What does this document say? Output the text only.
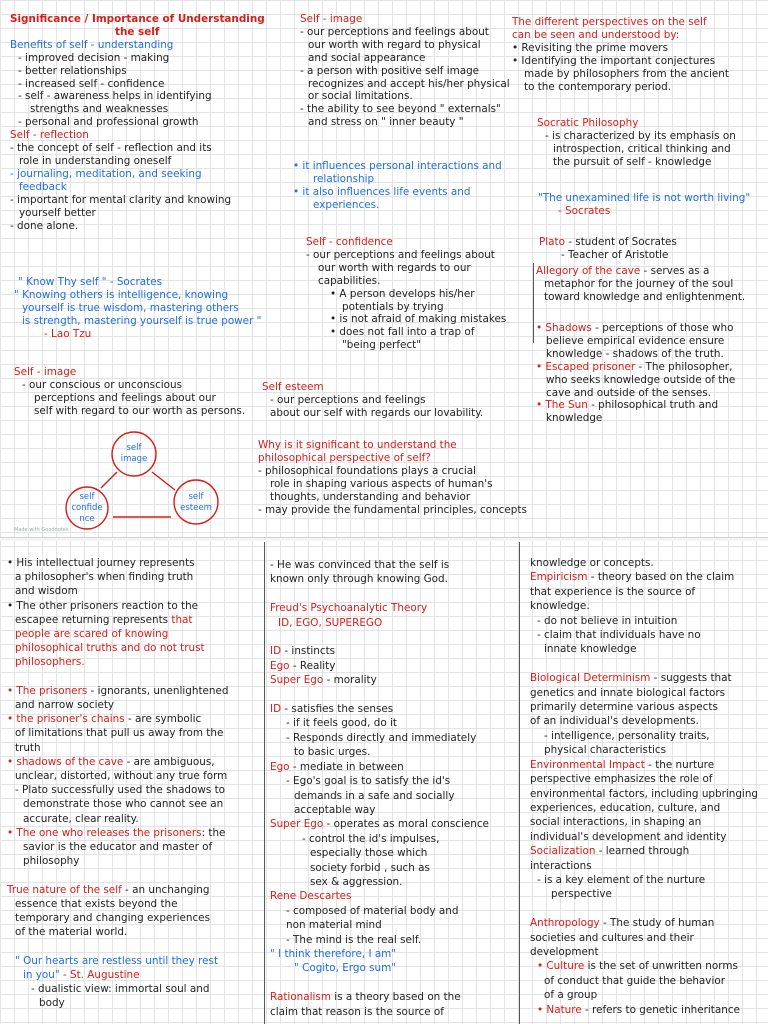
Significance / Importance of Understanding
the self
Benefits of self - understanding
- improved decision - making
- better relationships
- increased self - confidence
- self - awareness helps in identifying
strengths and weaknesses
- personal and professional growth
Self - reflection
- the concept of self - reflection and its
role in understanding oneself
- journaling, meditation, and seeking
feedback
- important for mental clarity and knowing
yourself better
- done alone.
" Know Thy self " - Socrates
" Knowing others is intelligence, knowing
yourself is true wisdom, mastering others
is strength, mastering yourself is true power "
- Lao Tzu
Self - image
- our conscious or unconscious
perceptions and feelings about our
self with regard to our worth as persons.
self
image
self
confide
nce
self
esteem
Made with Goodnotes
Self - image
- our perceptions and feelings about
our worth with regard to physical
and social appearance
- a person with positive self image
recognizes and accept his/her physical
or social limitations.
- the ability to see beyond " externals"
and stress on " inner beauty "
• it influences personal interactions and
relationship
• it also influences life events and
experiences.
Self - confidence
- our perceptions and feelings about
our worth with regards to our
capabilities.
• A person develops his/her
potentials by trying
• is not afraid of making mistakes
• does not fall into a trap of
"being perfect"
Self esteem
- our perceptions and feelings
about our self with regards our lovability.
Why is it significant to understand the
philosophical perspective of self?
- philosophical foundations plays a crucial
role in shaping various aspects of human's
thoughts, understanding and behavior
- may provide the fundamental principles, concepts
The different perspectives on the self
can be seen and understood by:
• Revisiting the prime movers
• Identifying the important conjectures
made by philosophers from the ancient
to the contemporary period.
Socratic Philosophy
- is characterized by its emphasis on
introspection, critical thinking and
the pursuit of self - knowledge
"The unexamined life is not worth living"
- Socrates
Plato - student of Socrates
- Teacher of Aristotle
Allegory of the cave - serves as a
metaphor for the journey of the soul
toward knowledge and enlightenment.
• Shadows - perceptions of those who
believe empirical evidence ensure
knowledge - shadows of the truth.
• Escaped prisoner - The philosopher,
who seeks knowledge outside of the
cave and outside of the senses.
• The Sun - philosophical truth and
knowledge
• His intellectual journey represents
a philosopher's when finding truth
and wisdom
• The other prisoners reaction to the
escapee returning represents that
people are scared of knowing
philosophical truths and do not trust
philosophers.

• The prisoners - ignorants, unenlightened
and narrow society
• the prisoner's chains - are symbolic
of limitations that pull us away from the
truth
• shadows of the cave - are ambiguous,
unclear, distorted, without any true form
- Plato successfully used the shadows to
demonstrate those who cannot see an
accurate, clear reality.
• The one who releases the prisoners: the
savior is the educator and master of
philosophy

True nature of the self - an unchanging
essence that exists beyond the
temporary and changing experiences
of the material world.

" Our hearts are restless until they rest
in you" - St. Augustine
- dualistic view: immortal soul and
body
- He was convinced that the self is
known only through knowing God.

Freud's Psychoanalytic Theory
ID, EGO, SUPEREGO

ID - instincts
Ego - Reality
Super Ego - morality

ID - satisfies the senses
- if it feels good, do it
- Responds directly and immediately
to basic urges.
Ego - mediate in between
- Ego's goal is to satisfy the id's
demands in a safe and socially
acceptable way
Super Ego - operates as moral conscience
- control the id's impulses,
especially those which
society forbid , such as
sex & aggression.
Rene Descartes
- composed of material body and
non material mind
- The mind is the real self.
" I think therefore, I am"
" Cogito, Ergo sum"

Rationalism is a theory based on the
claim that reason is the source of
knowledge or concepts.
Empiricism - theory based on the claim
that experience is the source of
knowledge.
- do not believe in intuition
- claim that individuals have no
innate knowledge

Biological Determinism - suggests that
genetics and innate biological factors
primarily determine various aspects
of an individual's developments.
- intelligence, personality traits,
physical characteristics
Environmental Impact - the nurture
perspective emphasizes the role of
environmental factors, including upbringing
experiences, education, culture, and
social interactions, in shaping an
individual's development and identity
Socialization - learned through
interactions
- is a key element of the nurture
perspective

Anthropology - The study of human
societies and cultures and their
development
• Culture is the set of unwritten norms
of conduct that guide the behavior
of a group
• Nature - refers to genetic inheritance
